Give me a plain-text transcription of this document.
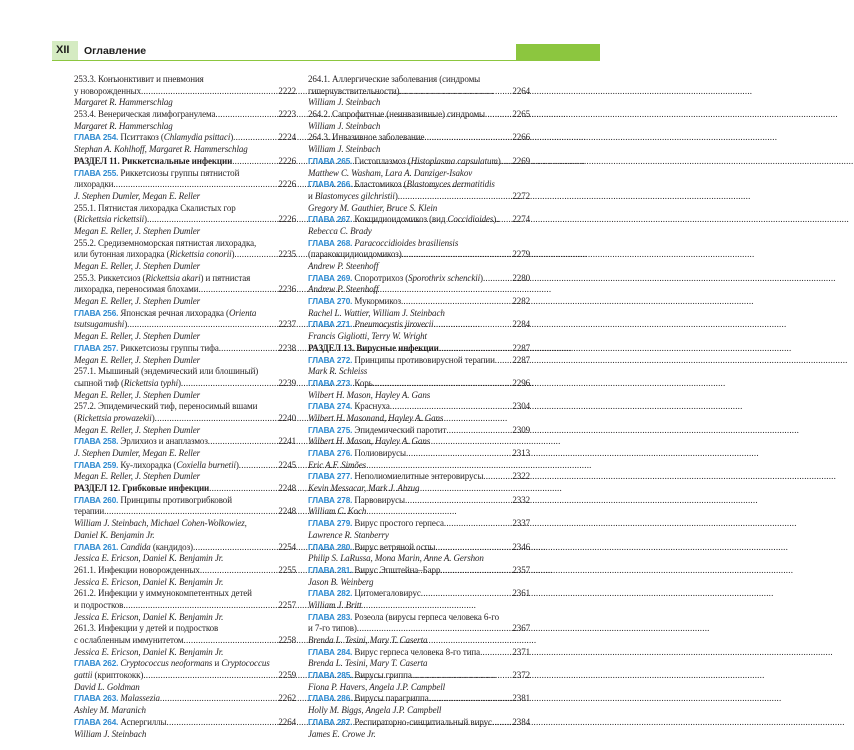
XII Оглавление
253.3. Конъюнктивит и пневмония
у новорожденных .....	2222
Margaret R. Hammerschlag
253.4. Венерическая лимфогранулема .....	2223
Margaret R. Hammerschlag
ГЛАВА 254. Пситтакоз (Chlamydia psittaci) .....	2224
Stephan A. Kohlhoff, Margaret R. Hammerschlag
РАЗДЕЛ 11. Риккетсиальные инфекции .....	2226
ГЛАВА 255. Риккетсиозы группы пятнистой
лихорадки .....	2226
J. Stephen Dumler, Megan E. Reller
255.1. Пятнистая лихорадка Скалистых гор
(Rickettsia rickettsii) .....	2226
Megan E. Reller, J. Stephen Dumler
255.2. Средиземноморская пятнистая лихорадка,
или бутонная лихорадка (Rickettsia conorii) .....	2235
Megan E. Reller, J. Stephen Dumler
255.3. Риккетсиоз (Rickettsia akari) и пятнистая
лихорадка, переносимая блохами .....	2236
Megan E. Reller, J. Stephen Dumler
ГЛАВА 256. Японская речная лихорадка (Orienta
tsutsugamushi) .....	2237
Megan E. Reller, J. Stephen Dumler
ГЛАВА 257. Риккетсиозы группы тифа .....	2238
Megan E. Reller, J. Stephen Dumler
257.1. Мышиный (эндемический или блошиный)
сыпной тиф (Rickettsia typhi) .....	2239
Megan E. Reller, J. Stephen Dumler
257.2. Эпидемический тиф, переносимый вшами
(Rickettsia prowazekii) .....	2240
Megan E. Reller, J. Stephen Dumler
ГЛАВА 258. Эрлихиоз и анаплазмоз .....	2241
J. Stephen Dumler, Megan E. Reller
ГЛАВА 259. Ку-лихорадка (Coxiella burnetii) .....	2245
Megan E. Reller, J. Stephen Dumler
РАЗДЕЛ 12. Грибковые инфекции .....	2248
ГЛАВА 260. Принципы противогрибковой
терапии .....	2248
William J. Steinbach, Michael Cohen-Wolkowiez,
Daniel K. Benjamin Jr.
ГЛАВА 261. Candida (кандидоз) .....	2254
Jessica E. Ericson, Daniel K. Benjamin Jr.
261.1. Инфекции новорожденных .....	2255
Jessica E. Ericson, Daniel K. Benjamin Jr.
261.2. Инфекции у иммунокомпетентных детей
и подростков .....	2257
Jessica E. Ericson, Daniel K. Benjamin Jr.
261.3. Инфекции у детей и подростков
с ослабленным иммунитетом .....	2258
Jessica E. Ericson, Daniel K. Benjamin Jr.
ГЛАВА 262. Cryptococcus neoformans и Cryptococcus
gattii (криптококк) .....	2259
David L. Goldman
ГЛАВА 263. Malassezia .....	2262
Ashley M. Maranich
ГЛАВА 264. Аспергиллы .....	2264
William J. Steinbach
264.1. Аллергические заболевания (синдромы
гиперчувствительности) .....	2264
William J. Steinbach
264.2. Сапрофитные (неинвазивные) синдромы .....	2265
William J. Steinbach
264.3. Инвазивное заболевание .....	2266
William J. Steinbach
ГЛАВА 265. Гистоплазмоз (Histoplasma capsulatum) ..... 2269
Matthew C. Washam, Lara A. Danziger-Isakov
ГЛАВА 266. Бластомикоз (Blastomyces dermatitidis
и Blastomyces gilchristii) .....	2272
Gregory M. Gauthier, Bruce S. Klein
ГЛАВА 267. Кокцидиоидомикоз (вид Coccidioides) ..... 2274
Rebecca C. Brady
ГЛАВА 268. Paracoccidioides brasiliensis
(паракокцидиоидомикоз) .....	2279
Andrew P. Steenhoff
ГЛАВА 269. Споротрихоз (Sporothrix schenckii) .....	2280
Andrew P. Steenhoff
ГЛАВА 270. Мукормикоз .....	2282
Rachel L. Wattier, William J. Steinbach
ГЛАВА 271. Pneumocystis jirovecii .....	2284
Francis Gigliotti, Terry W. Wright
РАЗДЕЛ 13. Вирусные инфекции .....	2287
ГЛАВА 272. Принципы противовирусной терапии ..... 2287
Mark R. Schleiss
ГЛАВА 273. Корь .....	2296
Wilbert H. Mason, Hayley A. Gans
ГЛАВА 274. Краснуха .....	2304
Wilbert H. Masonand, Hayley A. Gans
ГЛАВА 275. Эпидемический паротит .....	2309
Wilbert H. Mason, Hayley A. Gans
ГЛАВА 276. Полиовирусы .....	2313
Eric A.F. Simões
ГЛАВА 277. Неполиомиелитные энтеровирусы .....	2322
Kevin Messacar, Mark J. Abzug
ГЛАВА 278. Парвовирусы .....	2332
William C. Koch
ГЛАВА 279. Вирус простого герпеса .....	2337
Lawrence R. Stanberry
ГЛАВА 280. Вирус ветряной оспы .....	2346
Philip S. LaRussa, Mona Marin, Anne A. Gershon
ГЛАВА 281. Вирус Эпштейна–Барр .....	2357
Jason B. Weinberg
ГЛАВА 282. Цитомегаловирус .....	2361
William J. Britt
ГЛАВА 283. Розеола (вирусы герпеса человека 6-го
и 7-го типов) .....	2367
Brenda L. Tesini, Mary T. Caserta
ГЛАВА 284. Вирус герпеса человека 8-го типа .....	2371
Brenda L. Tesini, Mary T. Caserta
ГЛАВА 285. Вирусы гриппа .....	2372
Fiona P. Havers, Angela J.P. Campbell
ГЛАВА 286. Вирусы парагриппа .....	2381
Holly M. Biggs, Angela J.P. Campbell
ГЛАВА 287. Респираторно-синцитиальный вирус ..... 2384
James E. Crowe Jr.
